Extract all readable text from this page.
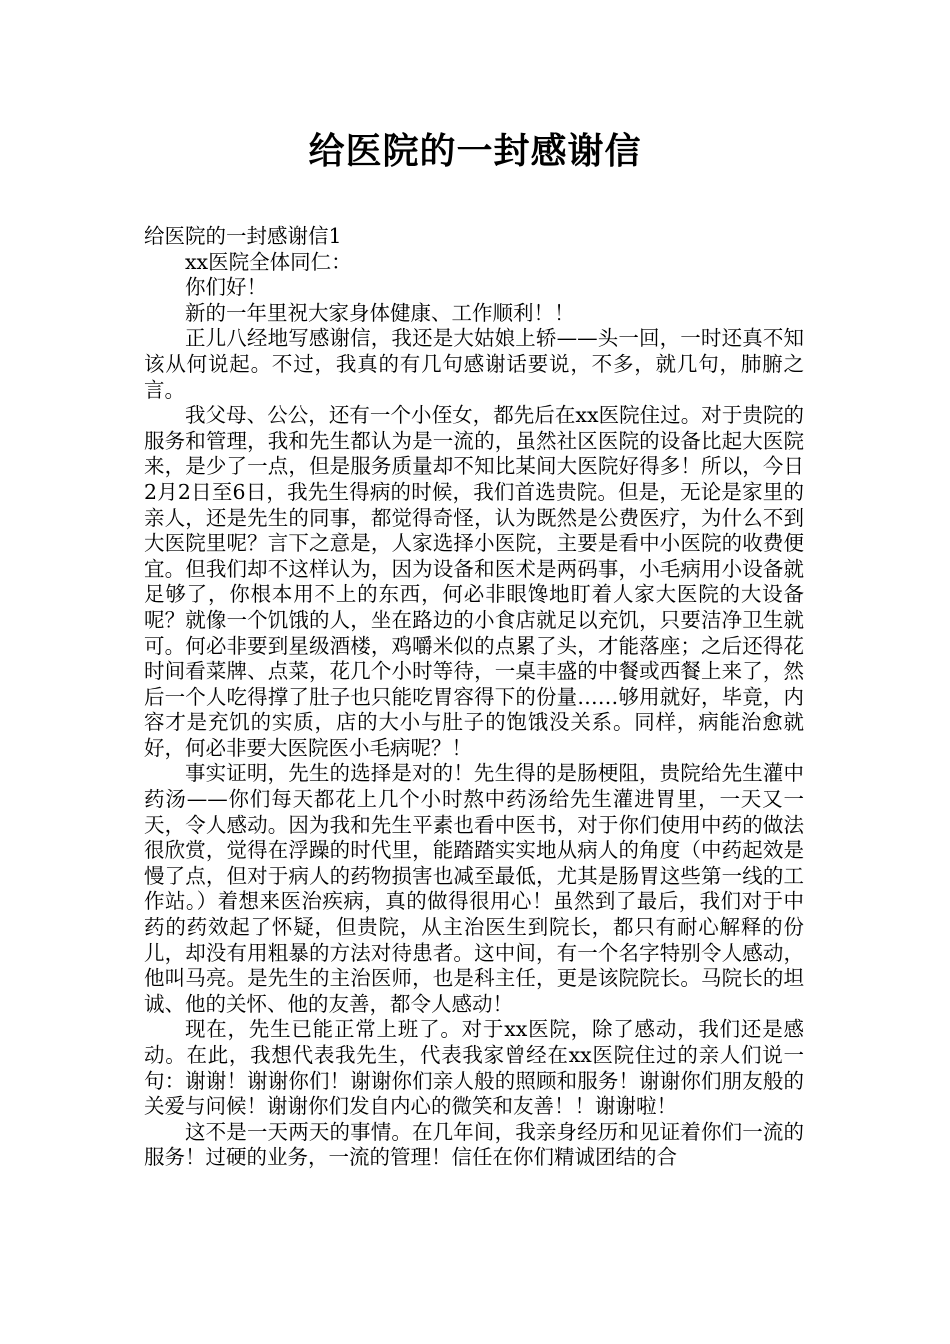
给医院的一封感谢信

给医院的一封感谢信1

xx医院全体同仁：

你们好！

新的一年里祝大家身体健康、工作顺利！！

正儿八经地写感谢信，我还是大姑娘上轿——头一回，一时还真不知该从何说起。不过，我真的有几句感谢话要说，不多，就几句，肺腑之言。

我父母、公公，还有一个小侄女，都先后在xx医院住过。对于贵院的服务和管理，我和先生都认为是一流的，虽然社区医院的设备比起大医院来，是少了一点，但是服务质量却不知比某间大医院好得多！所以，今日2月2日至6日，我先生得病的时候，我们首选贵院。但是，无论是家里的亲人，还是先生的同事，都觉得奇怪，认为既然是公费医疗，为什么不到大医院里呢？言下之意是，人家选择小医院，主要是看中小医院的收费便宜。但我们却不这样认为，因为设备和医术是两码事，小毛病用小设备就足够了，你根本用不上的东西，何必非眼馋地盯着人家大医院的大设备呢？就像一个饥饿的人，坐在路边的小食店就足以充饥，只要洁净卫生就可。何必非要到星级酒楼，鸡嚼米似的点累了头，才能落座；之后还得花时间看菜牌、点菜，花几个小时等待，一桌丰盛的中餐或西餐上来了，然后一个人吃得撑了肚子也只能吃胃容得下的份量……够用就好，毕竟，内容才是充饥的实质，店的大小与肚子的饱饿没关系。同样，病能治愈就好，何必非要大医院医小毛病呢？！

事实证明，先生的选择是对的！先生得的是肠梗阻，贵院给先生灌中药汤——你们每天都花上几个小时熬中药汤给先生灌进胃里，一天又一天，令人感动。因为我和先生平素也看中医书，对于你们使用中药的做法很欣赏，觉得在浮躁的时代里，能踏踏实实地从病人的角度（中药起效是慢了点，但对于病人的药物损害也减至最低，尤其是肠胃这些第一线的工作站。）着想来医治疾病，真的做得很用心！虽然到了最后，我们对于中药的药效起了怀疑，但贵院，从主治医生到院长，都只有耐心解释的份儿，却没有用粗暴的方法对待患者。这中间，有一个名字特别令人感动，他叫马亮。是先生的主治医师，也是科主任，更是该院院长。马院长的坦诚、他的关怀、他的友善，都令人感动！

现在，先生已能正常上班了。对于xx医院，除了感动，我们还是感动。在此，我想代表我先生，代表我家曾经在xx医院住过的亲人们说一句：谢谢！谢谢你们！谢谢你们亲人般的照顾和服务！谢谢你们朋友般的关爱与问候！谢谢你们发自内心的微笑和友善！！谢谢啦！

这不是一天两天的事情。在几年间，我亲身经历和见证着你们一流的服务！过硬的业务，一流的管理！信任在你们精诚团结的合
